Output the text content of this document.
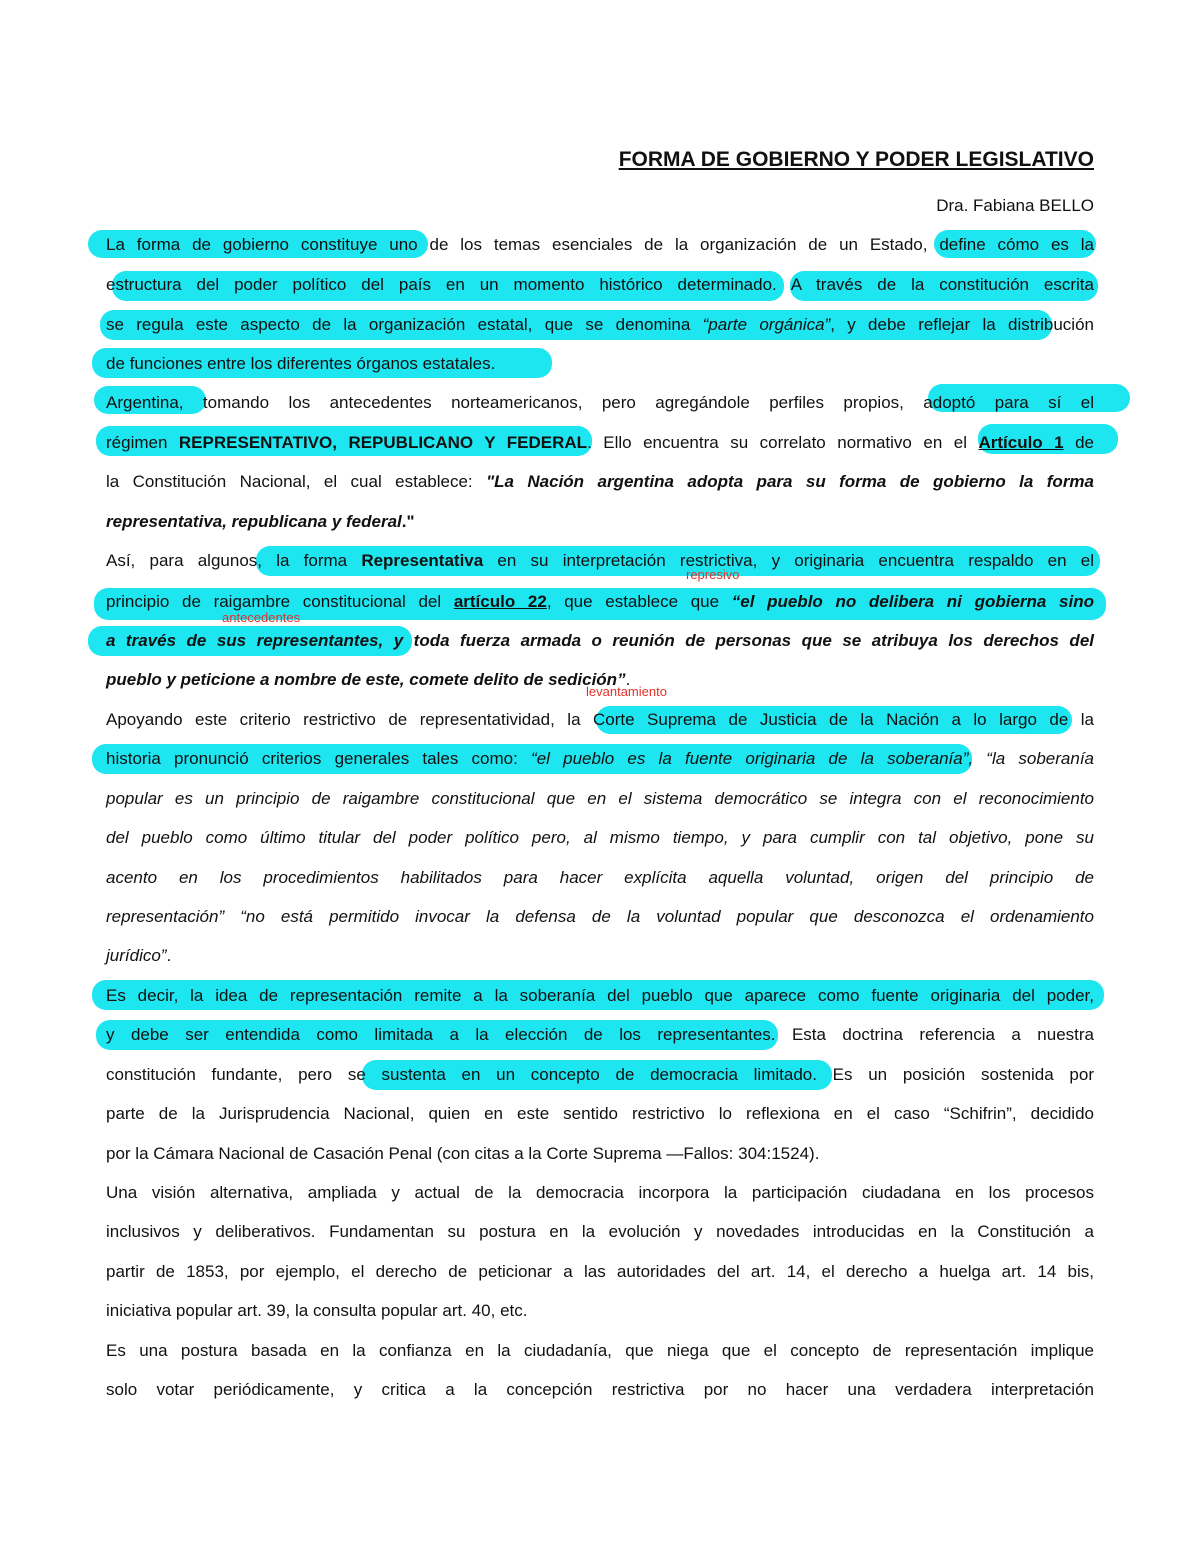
FORMA DE GOBIERNO Y PODER LEGISLATIVO
Dra. Fabiana BELLO
La forma de gobierno constituye uno de los temas esenciales de la organización de un Estado, define cómo es la
estructura del poder político del país en un momento histórico determinado. A través de la constitución escrita
se regula este aspecto de la organización estatal, que se denomina “parte orgánica”, y debe reflejar la distribución
de funciones entre los diferentes órganos estatales.
Argentina, tomando los antecedentes norteamericanos, pero agregándole perfiles propios, adoptó para sí el
régimen REPRESENTATIVO, REPUBLICANO Y FEDERAL. Ello encuentra su correlato normativo en el Artículo 1 de
la Constitución Nacional, el cual establece: "La Nación argentina adopta para su forma de gobierno la forma
representativa, republicana y federal."
Así, para algunos, la forma Representativa en su interpretación restrictiva, y originaria encuentra respaldo en el
principio de raigambre constitucional del artículo 22, que establece que “el pueblo no delibera ni gobierna sino
a través de sus representantes, y toda fuerza armada o reunión de personas que se atribuya los derechos del
pueblo y peticione a nombre de este, comete delito de sedición”.
Apoyando este criterio restrictivo de representatividad, la Corte Suprema de Justicia de la Nación a lo largo de la
historia pronunció criterios generales tales como: “el pueblo es la fuente originaria de la soberanía”, “la soberanía
popular es un principio de raigambre constitucional que en el sistema democrático se integra con el reconocimiento
del pueblo como último titular del poder político pero, al mismo tiempo, y para cumplir con tal objetivo, pone su
acento en los procedimientos habilitados para hacer explícita aquella voluntad, origen del principio de
representación” “no está permitido invocar la defensa de la voluntad popular que desconozca el ordenamiento
jurídico”.
Es decir, la idea de representación remite a la soberanía del pueblo que aparece como fuente originaria del poder,
y debe ser entendida como limitada a la elección de los representantes. Esta doctrina referencia a nuestra
constitución fundante, pero se sustenta en un concepto de democracia limitado. Es un posición sostenida por
parte de la Jurisprudencia Nacional, quien en este sentido restrictivo lo reflexiona en el caso “Schifrin”, decidido
por la Cámara Nacional de Casación Penal (con citas a la Corte Suprema —Fallos: 304:1524).
Una visión alternativa, ampliada y actual de la democracia incorpora la participación ciudadana en los procesos
inclusivos y deliberativos. Fundamentan su postura en la evolución y novedades introducidas en la Constitución a
partir de 1853, por ejemplo, el derecho de peticionar a las autoridades del art. 14, el derecho a huelga art. 14 bis,
iniciativa popular art. 39, la consulta popular art. 40, etc.
Es una postura basada en la confianza en la ciudadanía, que niega que el concepto de representación implique
solo votar periódicamente, y critica a la concepción restrictiva por no hacer una verdadera interpretación
represivo
antecedentes
levantamiento
